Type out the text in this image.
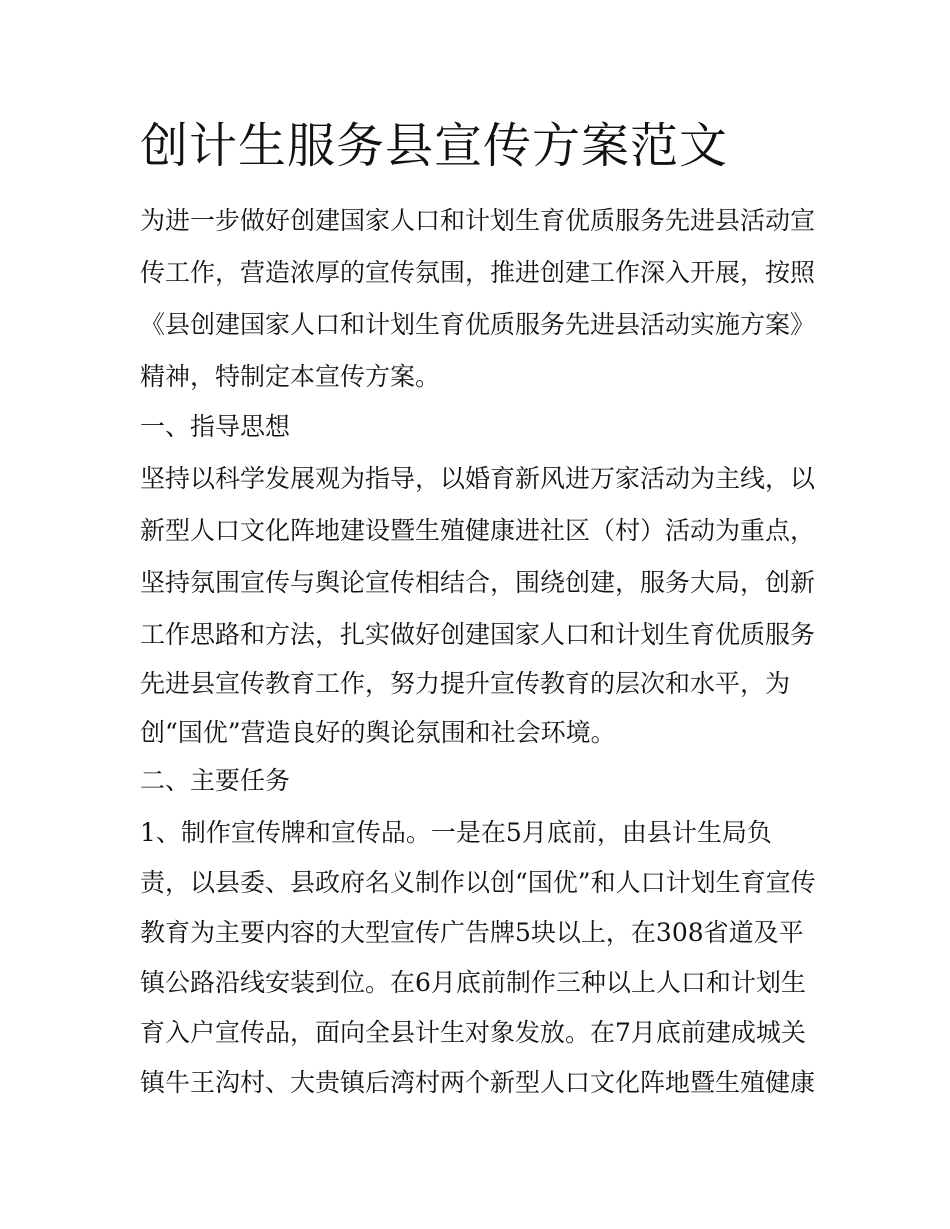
创计生服务县宣传方案范文

为进一步做好创建国家人口和计划生育优质服务先进县活动宣

传工作，营造浓厚的宣传氛围，推进创建工作深入开展，按照

《县创建国家人口和计划生育优质服务先进县活动实施方案》

精神，特制定本宣传方案。

一、指导思想

坚持以科学发展观为指导，以婚育新风进万家活动为主线，以

新型人口文化阵地建设暨生殖健康进社区（村）活动为重点，

坚持氛围宣传与舆论宣传相结合，围绕创建，服务大局，创新

工作思路和方法，扎实做好创建国家人口和计划生育优质服务

先进县宣传教育工作，努力提升宣传教育的层次和水平，为

创“国优”营造良好的舆论氛围和社会环境。

二、主要任务

1、制作宣传牌和宣传品。一是在5月底前，由县计生局负

责，以县委、县政府名义制作以创“国优”和人口计划生育宣传

教育为主要内容的大型宣传广告牌5块以上，在308省道及平

镇公路沿线安装到位。在6月底前制作三种以上人口和计划生

育入户宣传品，面向全县计生对象发放。在7月底前建成城关

镇牛王沟村、大贵镇后湾村两个新型人口文化阵地暨生殖健康
